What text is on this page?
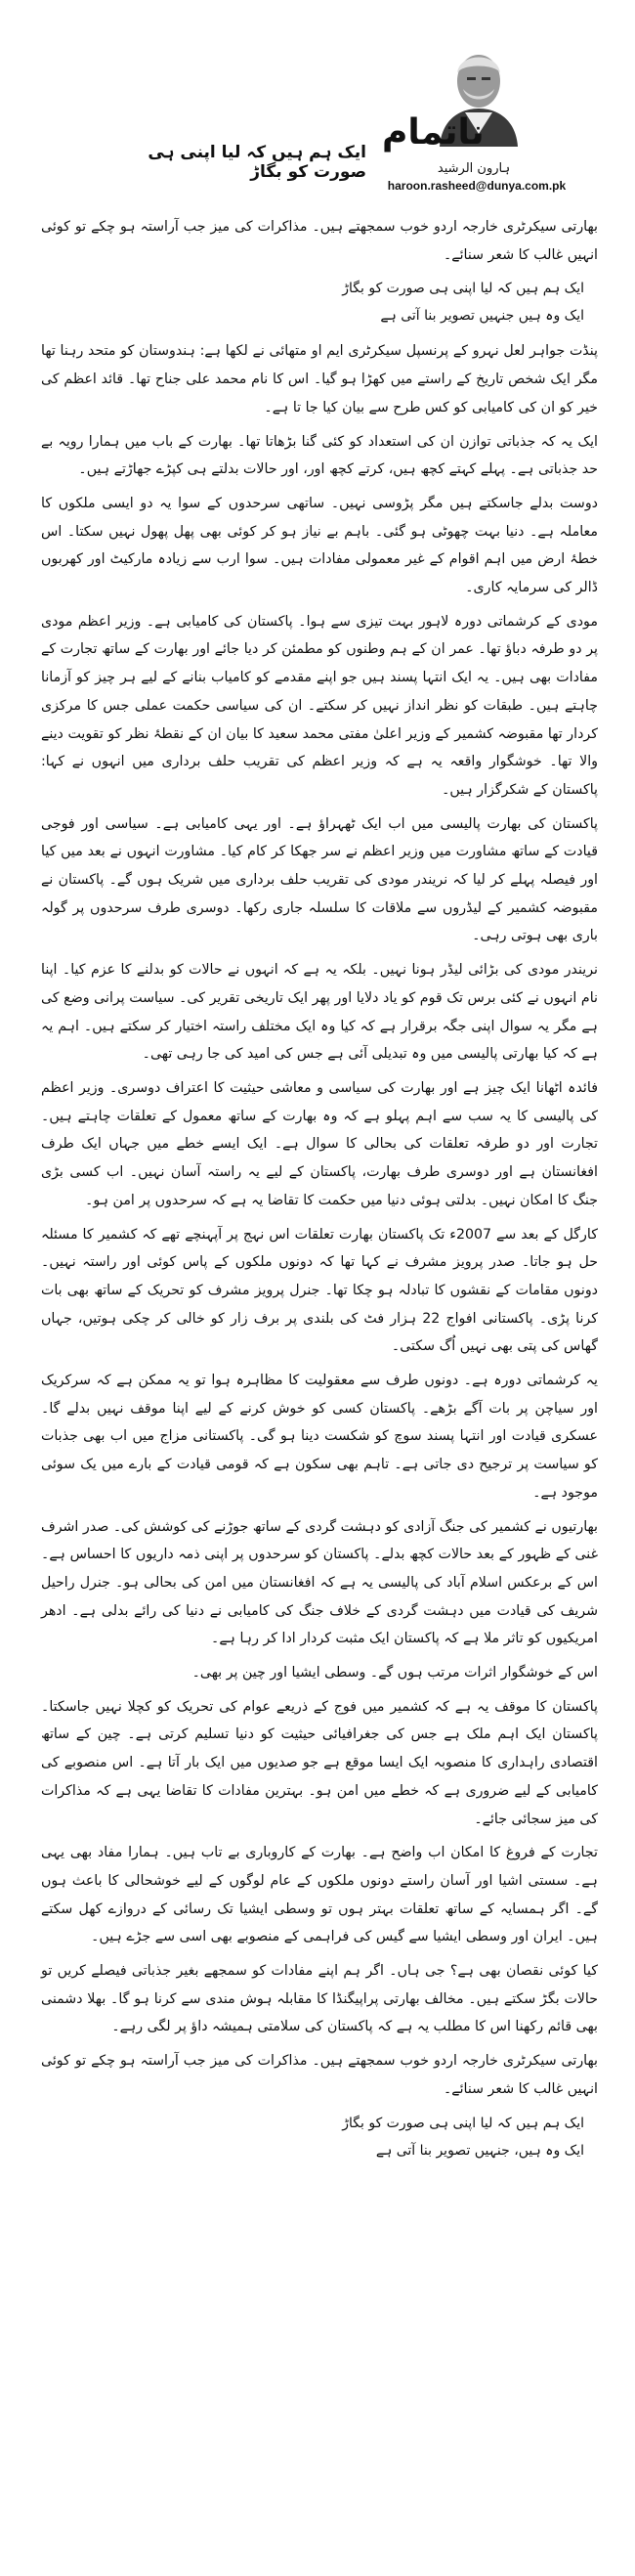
ناتمام
ہارون الرشید
haroon.rasheed@dunya.com.pk
ایک ہم ہیں کہ لیا اپنی ہی صورت کو بگاڑ

بھارتی سیکرٹری خارجہ اردو خوب سمجھتے ہیں۔ مذاکرات کی میز جب آراستہ ہو چکے تو کوئی انہیں غالب کا شعر سنائے۔

ایک ہم ہیں کہ لیا اپنی ہی صورت کو بگاڑ
ایک وہ ہیں جنہیں تصویر بنا آتی ہے

پنڈت جواہر لعل نہرو کے پرنسپل سیکرٹری ایم او متھائی نے لکھا ہے: ہندوستان کو متحد رہنا تھا مگر ایک شخص تاریخ کے راستے میں کھڑا ہو گیا۔ اس کا نام محمد علی جناح تھا۔ قائد اعظم کی خیر کو ان کی کامیابی کو کس طرح سے بیان کیا جا تا ہے۔

ایک یہ کہ جذباتی توازن ان کی استعداد کو کئی گنا بڑھاتا تھا۔ بھارت کے باب میں ہمارا رویہ بے حد جذباتی ہے۔ پہلے کہتے کچھ ہیں، کرتے کچھ اور، اور حالات بدلتے ہی کپڑے جھاڑتے ہیں۔

دوست بدلے جاسکتے ہیں مگر پڑوسی نہیں۔ ساتھی سرحدوں کے سوا یہ دو ایسی ملکوں کا معاملہ ہے۔ دنیا بہت چھوٹی ہو گئی۔ باہم بے نیاز ہو کر کوئی بھی پھل پھول نہیں سکتا۔ اس خطۂ ارض میں اہم اقوام کے غیر معمولی مفادات ہیں۔ سوا ارب سے زیادہ مارکیٹ اور کھربوں ڈالر کی سرمایہ کاری۔

مودی کے کرشماتی دورہ لاہور بہت تیزی سے ہوا۔ پاکستان کی کامیابی ہے۔ وزیر اعظم مودی پر دو طرفہ دباؤ تھا۔ عمر ان کے ہم وطنوں کو مطمئن کر دیا جائے اور بھارت کے ساتھ تجارت کے مفادات بھی ہیں۔ یہ ایک انتہا پسند ہیں جو اپنے مقدمے کو کامیاب بنانے کے لیے ہر چیز کو آزمانا چاہتے ہیں۔ طبقات کو نظر انداز نہیں کر سکتے۔ ان کی سیاسی حکمت عملی جس کا مرکزی کردار تھا مقبوضہ کشمیر کے وزیر اعلیٰ مفتی محمد سعید کا بیان ان کے نقطۂ نظر کو تقویت دینے والا تھا۔ خوشگوار واقعہ یہ ہے کہ وزیر اعظم کی تقریب حلف برداری میں انہوں نے کہا: پاکستان کے شکرگزار ہیں۔

پاکستان کی بھارت پالیسی میں اب ایک ٹھہراؤ ہے۔ اور یہی کامیابی ہے۔ سیاسی اور فوجی قیادت کے ساتھ مشاورت میں وزیر اعظم نے سر جھکا کر کام کیا۔ مشاورت انہوں نے بعد میں کیا اور فیصلہ پہلے کر لیا کہ نریندر مودی کی تقریب حلف برداری میں شریک ہوں گے۔ پاکستان نے مقبوضہ کشمیر کے لیڈروں سے ملاقات کا سلسلہ جاری رکھا۔ دوسری طرف سرحدوں پر گولہ باری بھی ہوتی رہی۔

نریندر مودی کی بڑائی لیڈر ہونا نہیں۔ بلکہ یہ ہے کہ انہوں نے حالات کو بدلنے کا عزم کیا۔ اپنا نام انہوں نے کئی برس تک قوم کو یاد دلایا اور پھر ایک تاریخی تقریر کی۔ سیاست پرانی وضع کی ہے مگر یہ سوال اپنی جگہ برقرار ہے کہ کیا وہ ایک مختلف راستہ اختیار کر سکتے ہیں۔ اہم یہ ہے کہ کیا بھارتی پالیسی میں وہ تبدیلی آئی ہے جس کی امید کی جا رہی تھی۔

فائدہ اٹھانا ایک چیز ہے اور بھارت کی سیاسی و معاشی حیثیت کا اعتراف دوسری۔ وزیر اعظم کی پالیسی کا یہ سب سے اہم پہلو ہے کہ وہ بھارت کے ساتھ معمول کے تعلقات چاہتے ہیں۔ تجارت اور دو طرفہ تعلقات کی بحالی کا سوال ہے۔ ایک ایسے خطے میں جہاں ایک طرف افغانستان ہے اور دوسری طرف بھارت، پاکستان کے لیے یہ راستہ آسان نہیں۔ اب کسی بڑی جنگ کا امکان نہیں۔ بدلتی ہوئی دنیا میں حکمت کا تقاضا یہ ہے کہ سرحدوں پر امن ہو۔

کارگل کے بعد سے 2007ء تک پاکستان بھارت تعلقات اس نہج پر آپہنچے تھے کہ کشمیر کا مسئلہ حل ہو جاتا۔ صدر پرویز مشرف نے کہا تھا کہ دونوں ملکوں کے پاس کوئی اور راستہ نہیں۔ دونوں مقامات کے نقشوں کا تبادلہ ہو چکا تھا۔ جنرل پرویز مشرف کو تحریک کے ساتھ بھی بات کرنا پڑی۔ پاکستانی افواج 22 ہزار فٹ کی بلندی پر برف زار کو خالی کر چکی ہوتیں، جہاں گھاس کی پتی بھی نہیں اُگ سکتی۔

یہ کرشماتی دورہ ہے۔ دونوں طرف سے معقولیت کا مظاہرہ ہوا تو یہ ممکن ہے کہ سرکریک اور سیاچن پر بات آگے بڑھے۔ پاکستان کسی کو خوش کرنے کے لیے اپنا موقف نہیں بدلے گا۔ عسکری قیادت اور انتہا پسند سوچ کو شکست دینا ہو گی۔ پاکستانی مزاج میں اب بھی جذبات کو سیاست پر ترجیح دی جاتی ہے۔ تاہم بھی سکون ہے کہ قومی قیادت کے بارے میں یک سوئی موجود ہے۔

بھارتیوں نے کشمیر کی جنگ آزادی کو دہشت گردی کے ساتھ جوڑنے کی کوشش کی۔ صدر اشرف غنی کے ظہور کے بعد حالات کچھ بدلے۔ پاکستان کو سرحدوں پر اپنی ذمہ داریوں کا احساس ہے۔ اس کے برعکس اسلام آباد کی پالیسی یہ ہے کہ افغانستان میں امن کی بحالی ہو۔ جنرل راحیل شریف کی قیادت میں دہشت گردی کے خلاف جنگ کی کامیابی نے دنیا کی رائے بدلی ہے۔ ادھر امریکیوں کو تاثر ملا ہے کہ پاکستان ایک مثبت کردار ادا کر رہا ہے۔

اس کے خوشگوار اثرات مرتب ہوں گے۔ وسطی ایشیا اور چین پر بھی۔

پاکستان کا موقف یہ ہے کہ کشمیر میں فوج کے ذریعے عوام کی تحریک کو کچلا نہیں جاسکتا۔ پاکستان ایک اہم ملک ہے جس کی جغرافیائی حیثیت کو دنیا تسلیم کرتی ہے۔ چین کے ساتھ اقتصادی راہداری کا منصوبہ ایک ایسا موقع ہے جو صدیوں میں ایک بار آتا ہے۔ اس منصوبے کی کامیابی کے لیے ضروری ہے کہ خطے میں امن ہو۔ بہترین مفادات کا تقاضا یہی ہے کہ مذاکرات کی میز سجائی جائے۔

تجارت کے فروغ کا امکان اب واضح ہے۔ بھارت کے کاروباری بے تاب ہیں۔ ہمارا مفاد بھی یہی ہے۔ سستی اشیا اور آسان راستے دونوں ملکوں کے عام لوگوں کے لیے خوشحالی کا باعث ہوں گے۔ اگر ہمسایہ کے ساتھ تعلقات بہتر ہوں تو وسطی ایشیا تک رسائی کے دروازے کھل سکتے ہیں۔ ایران اور وسطی ایشیا سے گیس کی فراہمی کے منصوبے بھی اسی سے جڑے ہیں۔

کیا کوئی نقصان بھی ہے؟ جی ہاں۔ اگر ہم اپنے مفادات کو سمجھے بغیر جذباتی فیصلے کریں تو حالات بگڑ سکتے ہیں۔ مخالف بھارتی پراپیگنڈا کا مقابلہ ہوش مندی سے کرنا ہو گا۔ بھلا دشمنی بھی قائم رکھنا اس کا مطلب یہ ہے کہ پاکستان کی سلامتی ہمیشہ داؤ پر لگی رہے۔

بھارتی سیکرٹری خارجہ اردو خوب سمجھتے ہیں۔ مذاکرات کی میز جب آراستہ ہو چکے تو کوئی انہیں غالب کا شعر سنائے۔

ایک ہم ہیں کہ لیا اپنی ہی صورت کو بگاڑ
ایک وہ ہیں، جنہیں تصویر بنا آتی ہے
